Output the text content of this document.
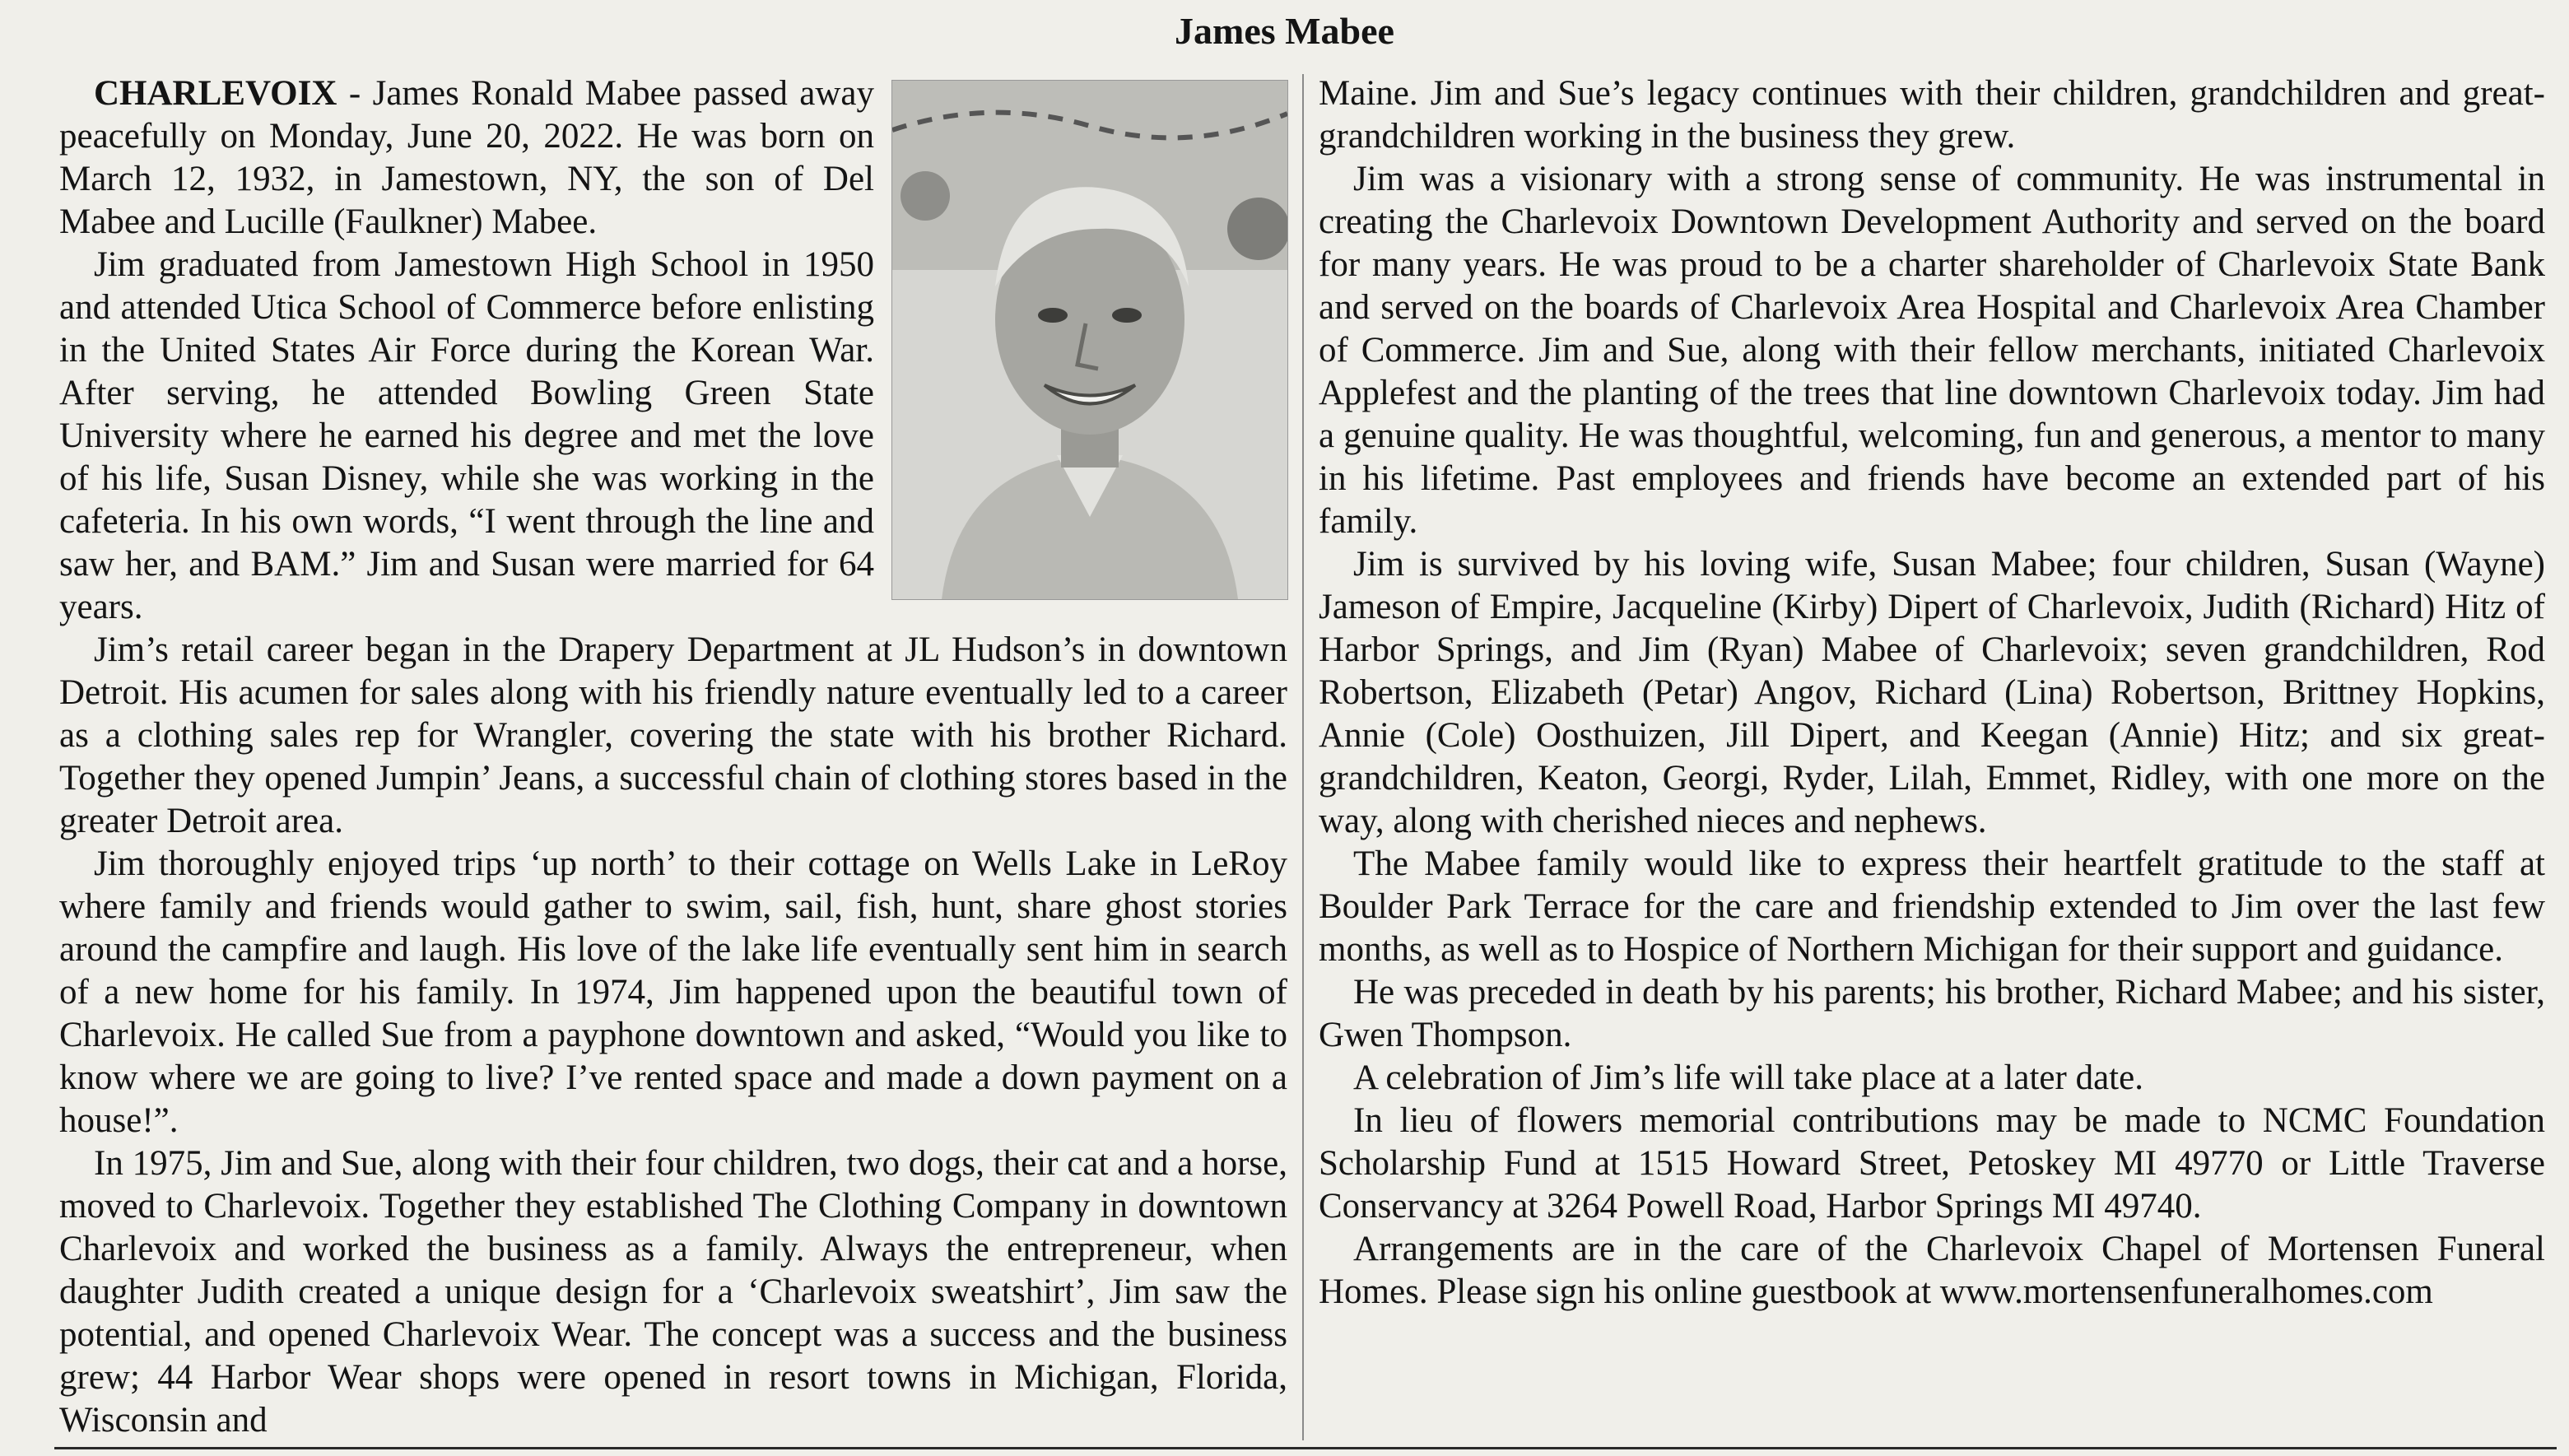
James Mabee

CHARLEVOIX - James Ronald Mabee passed away peacefully on Monday, June 20, 2022. He was born on March 12, 1932, in Jamestown, NY, the son of Del Mabee and Lucille (Faulkner) Mabee.

Jim graduated from Jamestown High School in 1950 and attended Utica School of Commerce before enlisting in the United States Air Force during the Korean War. After serving, he attended Bowling Green State University where he earned his degree and met the love of his life, Susan Disney, while she was working in the cafeteria. In his own words, “I went through the line and saw her, and BAM.” Jim and Susan were married for 64 years.

Jim’s retail career began in the Drapery Department at JL Hudson’s in downtown Detroit. His acumen for sales along with his friendly nature eventually led to a career as a clothing sales rep for Wrangler, covering the state with his brother Richard. Together they opened Jumpin’ Jeans, a successful chain of clothing stores based in the greater Detroit area.

Jim thoroughly enjoyed trips ‘up north’ to their cottage on Wells Lake in LeRoy where family and friends would gather to swim, sail, fish, hunt, share ghost stories around the campfire and laugh. His love of the lake life eventually sent him in search of a new home for his family. In 1974, Jim happened upon the beautiful town of Charlevoix. He called Sue from a payphone downtown and asked, “Would you like to know where we are going to live? I’ve rented space and made a down payment on a house!”.

In 1975, Jim and Sue, along with their four children, two dogs, their cat and a horse, moved to Charlevoix. Together they established The Clothing Company in downtown Charlevoix and worked the business as a family. Always the entrepreneur, when daughter Judith created a unique design for a ‘Charlevoix sweatshirt’, Jim saw the potential, and opened Charlevoix Wear. The concept was a success and the business grew; 44 Harbor Wear shops were opened in resort towns in Michigan, Florida, Wisconsin and

Maine. Jim and Sue’s legacy continues with their children, grandchildren and great-grandchildren working in the business they grew.

Jim was a visionary with a strong sense of community. He was instrumental in creating the Charlevoix Downtown Development Authority and served on the board for many years. He was proud to be a charter shareholder of Charlevoix State Bank and served on the boards of Charlevoix Area Hospital and Charlevoix Area Chamber of Commerce. Jim and Sue, along with their fellow merchants, initiated Charlevoix Applefest and the planting of the trees that line downtown Charlevoix today. Jim had a genuine quality. He was thoughtful, welcoming, fun and generous, a mentor to many in his lifetime. Past employees and friends have become an extended part of his family.

Jim is survived by his loving wife, Susan Mabee; four children, Susan (Wayne) Jameson of Empire, Jacqueline (Kirby) Dipert of Charlevoix, Judith (Richard) Hitz of Harbor Springs, and Jim (Ryan) Mabee of Charlevoix; seven grandchildren, Rod Robertson, Elizabeth (Petar) Angov, Richard (Lina) Robertson, Brittney Hopkins, Annie (Cole) Oosthuizen, Jill Dipert, and Keegan (Annie) Hitz; and six great-grandchildren, Keaton, Georgi, Ryder, Lilah, Emmet, Ridley, with one more on the way, along with cherished nieces and nephews.

The Mabee family would like to express their heartfelt gratitude to the staff at Boulder Park Terrace for the care and friendship extended to Jim over the last few months, as well as to Hospice of Northern Michigan for their support and guidance.

He was preceded in death by his parents; his brother, Richard Mabee; and his sister, Gwen Thompson.

A celebration of Jim’s life will take place at a later date.

In lieu of flowers memorial contributions may be made to NCMC Foundation Scholarship Fund at 1515 Howard Street, Petoskey MI 49770 or Little Traverse Conservancy at 3264 Powell Road, Harbor Springs MI 49740.

Arrangements are in the care of the Charlevoix Chapel of Mortensen Funeral Homes. Please sign his online guestbook at www.mortensenfuneralhomes.com
